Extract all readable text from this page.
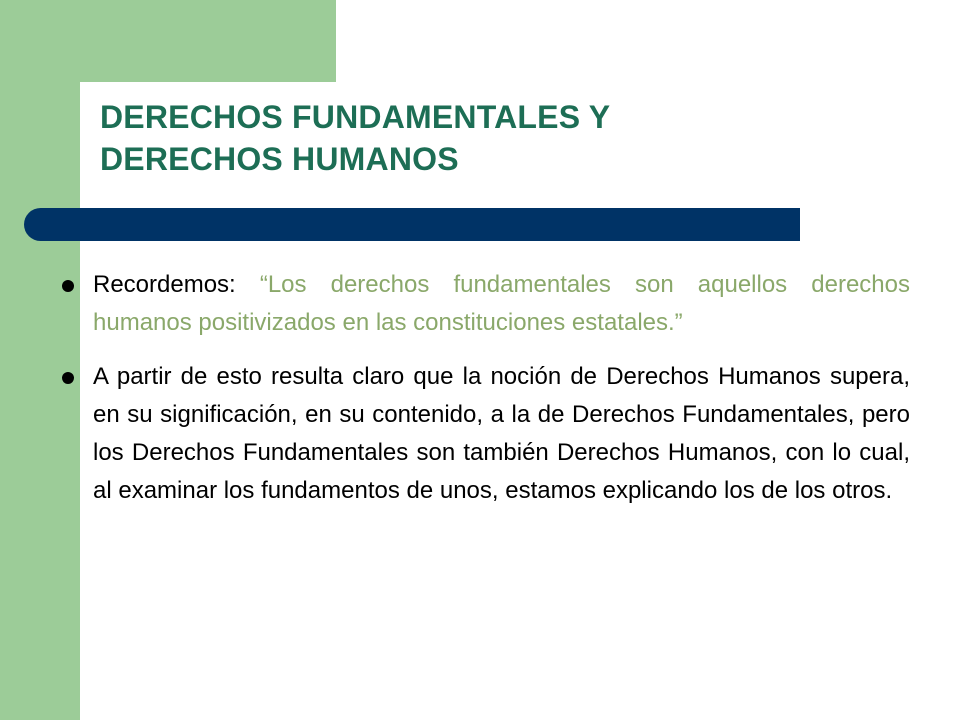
DERECHOS FUNDAMENTALES Y
DERECHOS HUMANOS
Recordemos: “Los derechos fundamentales son aquellos derechos humanos positivizados en las constituciones estatales.”
A partir de esto resulta claro que la noción de Derechos Humanos supera, en su significación, en su contenido, a la de Derechos Fundamentales, pero los Derechos Fundamentales son también Derechos Humanos, con lo cual, al examinar los fundamentos de unos, estamos explicando los de los otros.
